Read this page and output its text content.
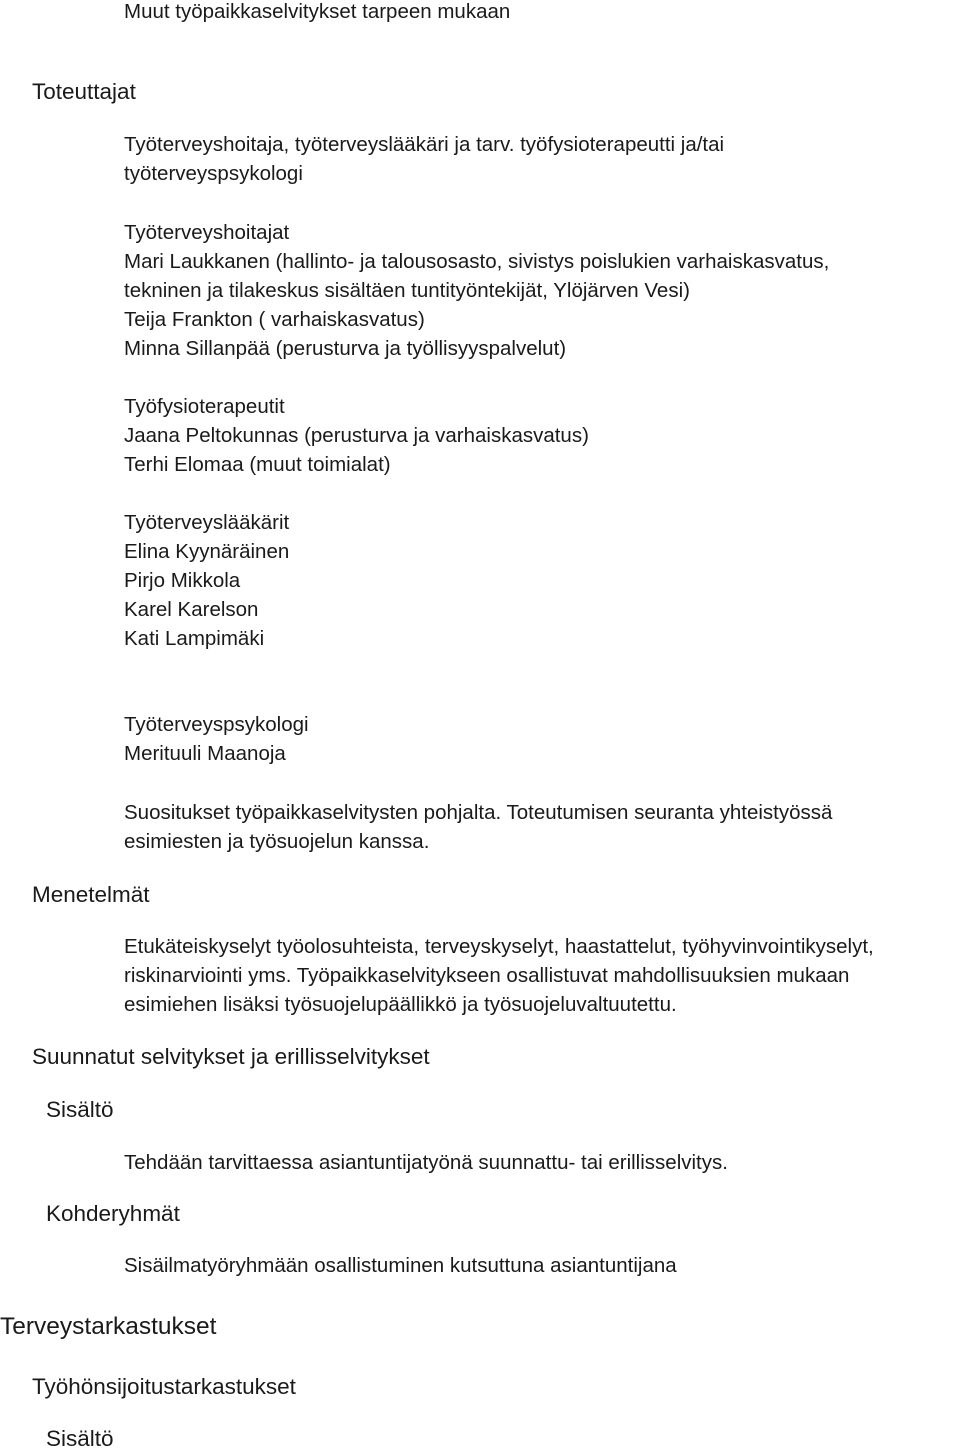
Muut työpaikkaselvitykset tarpeen mukaan

Toteuttajat

Työterveyshoitaja, työterveyslääkäri ja tarv. työfysioterapeutti ja/tai

työterveyspsykologi

Työterveyshoitajat

Mari Laukkanen (hallinto- ja talousosasto, sivistys poislukien varhaiskasvatus,

tekninen ja tilakeskus sisältäen tuntityöntekijät, Ylöjärven Vesi)

Teija Frankton ( varhaiskasvatus)

Minna Sillanpää (perusturva ja työllisyyspalvelut)

Työfysioterapeutit

Jaana Peltokunnas (perusturva ja varhaiskasvatus)

Terhi Elomaa (muut toimialat)

Työterveyslääkärit

Elina Kyynäräinen

Pirjo Mikkola

Karel Karelson

Kati Lampimäki

Työterveyspsykologi

Merituuli Maanoja

Suositukset työpaikkaselvitysten pohjalta. Toteutumisen seuranta yhteistyössä

esimiesten ja työsuojelun kanssa.

Menetelmät

Etukäteiskyselyt työolosuhteista, terveyskyselyt, haastattelut, työhyvinvointikyselyt,

riskinarviointi yms. Työpaikkaselvitykseen osallistuvat mahdollisuuksien mukaan

esimiehen lisäksi työsuojelupäällikkö ja työsuojeluvaltuutettu.

Suunnatut selvitykset ja erillisselvitykset

Sisältö

Tehdään tarvittaessa asiantuntijatyönä suunnattu- tai erillisselvitys.

Kohderyhmät

Sisäilmatyöryhmään osallistuminen kutsuttuna asiantuntijana

Terveystarkastukset

Työhönsijoitustarkastukset

Sisältö
